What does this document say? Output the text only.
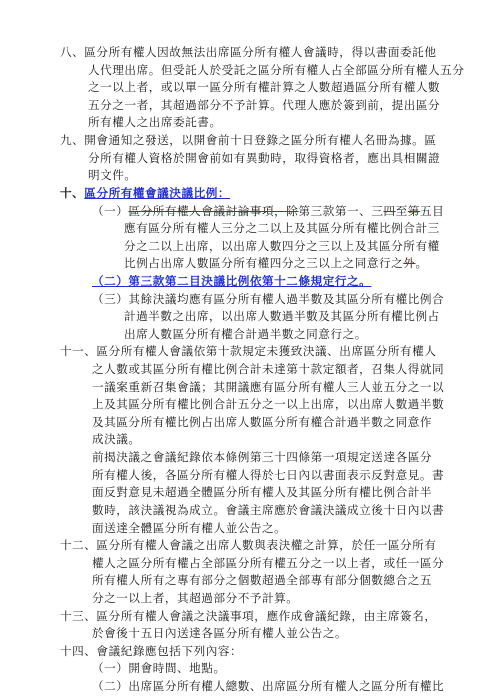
八、區分所有權人因故無法出席區分所有權人會議時，得以書面委託他
人代理出席。但受託人於受託之區分所有權人占全部區分所有權人五分
之一以上者，或以單一區分所有權計算之人數超過區分所有權人數
五分之一者，其超過部分不予計算。代理人應於簽到前，提出區分
所有權人之出席委託書。
九、開會通知之發送，以開會前十日登錄之區分所有權人名冊為據。區
分所有權人資格於開會前如有異動時，取得資格者，應出具相關證
明文件。
十、區分所有權會議決議比例：
（一）區分所有權人會議討論事項，除第三款第一、三四至第五目
應有區分所有權人三分之二以上及其區分所有權比例合計三
分之二以上出席，以出席人數四分之三以上及其區分所有權
比例占出席人數區分所有權四分之三以上之同意行之外。
（二）第三款第二目決議比例依第十二條規定行之。
（三）其餘決議均應有區分所有權人過半數及其區分所有權比例合
計過半數之出席，以出席人數過半數及其區分所有權比例占
出席人數區分所有權合計過半數之同意行之。
十一、區分所有權人會議依第十款規定未獲致決議、出席區分所有權人
之人數或其區分所有權比例合計未達第十款定額者，召集人得就同
一議案重新召集會議；其開議應有區分所有權人三人並五分之一以
上及其區分所有權比例合計五分之一以上出席，以出席人數過半數
及其區分所有權比例占出席人數區分所有權合計過半數之同意作
成決議。
前揭決議之會議紀錄依本條例第三十四條第一項規定送達各區分
所有權人後，各區分所有權人得於七日內以書面表示反對意見。書
面反對意見未超過全體區分所有權人及其區分所有權比例合計半
數時，該決議視為成立。會議主席應於會議決議成立後十日內以書
面送達全體區分所有權人並公告之。
十二、區分所有權人會議之出席人數與表決權之計算，於任一區分所有
權人之區分所有權占全部區分所有權五分之一以上者，或任一區分
所有權人所有之專有部分之個數超過全部專有部分個數總合之五
分之一以上者，其超過部分不予計算。
十三、區分所有權人會議之決議事項，應作成會議紀錄，由主席簽名，
於會後十五日內送達各區分所有權人並公告之。
十四、會議紀錄應包括下列內容：
（一）開會時間、地點。
（二）出席區分所有權人總數、出席區分所有權人之區分所有權比
